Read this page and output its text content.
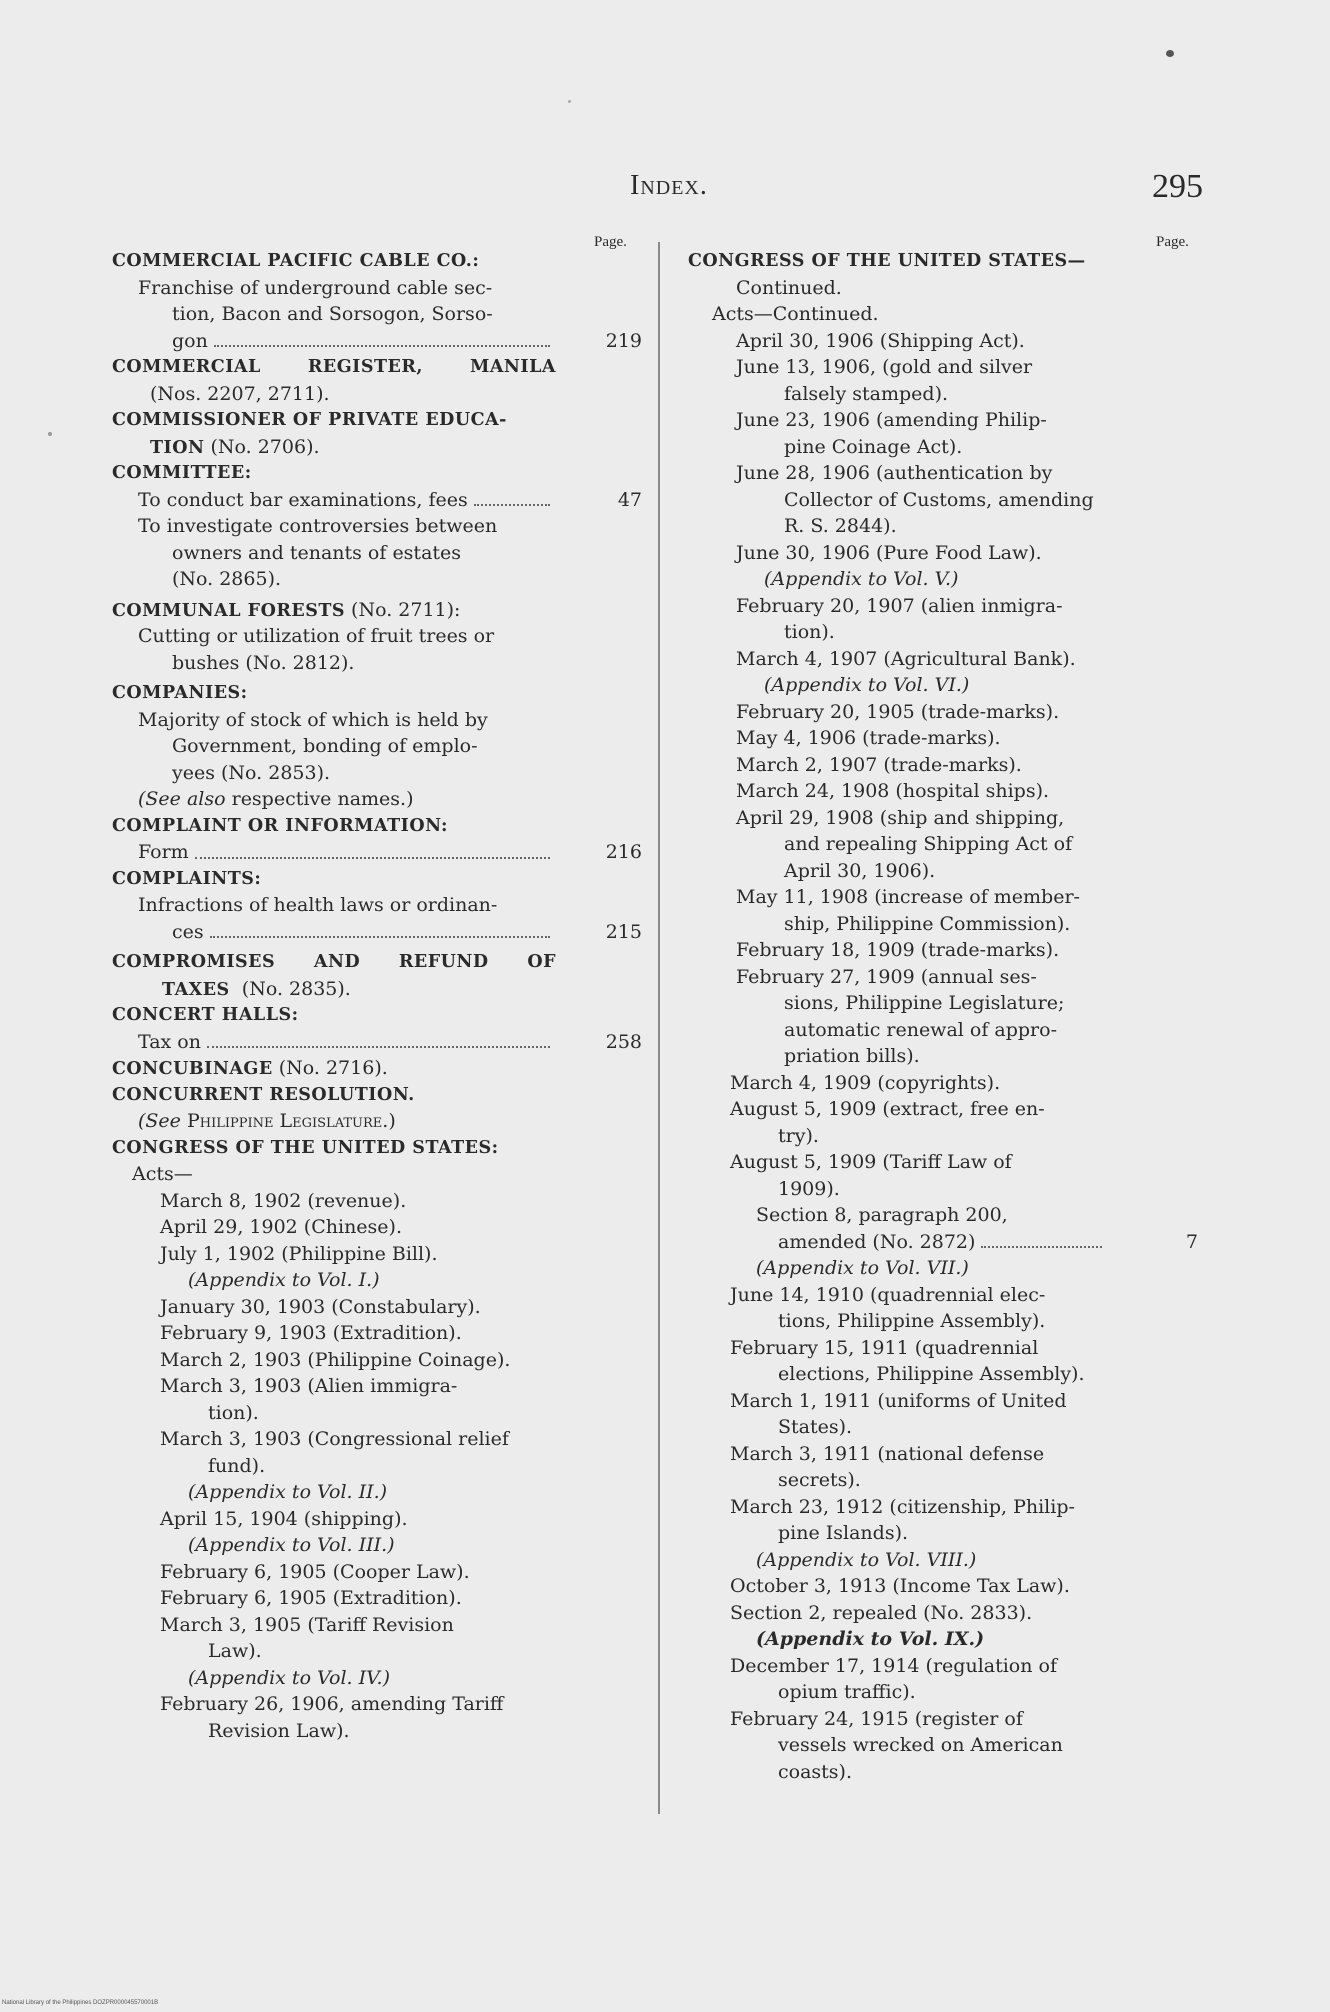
Index.	295
Page.	Page.
COMMERCIAL PACIFIC CABLE CO.:
Franchise of underground cable sec-
tion, Bacon and Sorsogon, Sorso-
gon	219
COMMERCIAL	REGISTER,	MANILA
(Nos. 2207, 2711).
COMMISSIONER OF PRIVATE EDUCA-
TION (No. 2706).
COMMITTEE:
To conduct bar examinations, fees	47
To investigate controversies between
owners and tenants of estates
(No. 2865).
COMMUNAL FORESTS (No. 2711):
Cutting or utilization of fruit trees or
bushes (No. 2812).
COMPANIES:
Majority of stock of which is held by
Government, bonding of emplo-
yees (No. 2853).
(See also respective names.)
COMPLAINT OR INFORMATION:
Form	216
COMPLAINTS:
Infractions of health laws or ordinan-
ces	215
COMPROMISES AND REFUND OF
TAXES (No. 2835).
CONCERT HALLS:
Tax on	258
CONCUBINAGE (No. 2716).
CONCURRENT RESOLUTION.
(See Philippine Legislature.)
CONGRESS OF THE UNITED STATES:
Acts—
March 8, 1902 (revenue).
April 29, 1902 (Chinese).
July 1, 1902 (Philippine Bill).
(Appendix to Vol. I.)
January 30, 1903 (Constabulary).
February 9, 1903 (Extradition).
March 2, 1903 (Philippine Coinage).
March 3, 1903 (Alien immigra-
tion).
March 3, 1903 (Congressional relief
fund).
(Appendix to Vol. II.)
April 15, 1904 (shipping).
(Appendix to Vol. III.)
February 6, 1905 (Cooper Law).
February 6, 1905 (Extradition).
March 3, 1905 (Tariff Revision
Law).
(Appendix to Vol. IV.)
February 26, 1906, amending Tariff
Revision Law).
CONGRESS OF THE UNITED STATES—
Continued.
Acts—Continued.
April 30, 1906 (Shipping Act).
June 13, 1906, (gold and silver
falsely stamped).
June 23, 1906 (amending Philip-
pine Coinage Act).
June 28, 1906 (authentication by
Collector of Customs, amending
R. S. 2844).
June 30, 1906 (Pure Food Law).
(Appendix to Vol. V.)
February 20, 1907 (alien inmigra-
tion).
March 4, 1907 (Agricultural Bank).
(Appendix to Vol. VI.)
February 20, 1905 (trade-marks).
May 4, 1906 (trade-marks).
March 2, 1907 (trade-marks).
March 24, 1908 (hospital ships).
April 29, 1908 (ship and shipping,
and repealing Shipping Act of
April 30, 1906).
May 11, 1908 (increase of member-
ship, Philippine Commission).
February 18, 1909 (trade-marks).
February 27, 1909 (annual ses-
sions, Philippine Legislature;
automatic renewal of appro-
priation bills).
March 4, 1909 (copyrights).
August 5, 1909 (extract, free en-
try).
August 5, 1909 (Tariff Law of
1909).
Section 8, paragraph 200,
amended (No. 2872)	7
(Appendix to Vol. VII.)
June 14, 1910 (quadrennial elec-
tions, Philippine Assembly).
February 15, 1911 (quadrennial
elections, Philippine Assembly).
March 1, 1911 (uniforms of United
States).
March 3, 1911 (national defense
secrets).
March 23, 1912 (citizenship, Philip-
pine Islands).
(Appendix to Vol. VIII.)
October 3, 1913 (Income Tax Law).
Section 2, repealed (No. 2833).
(Appendix to Vol. IX.)
December 17, 1914 (regulation of
opium traffic).
February 24, 1915 (register of
vessels wrecked on American
coasts).
National Library of the Philippines DOZPR000045570001B
